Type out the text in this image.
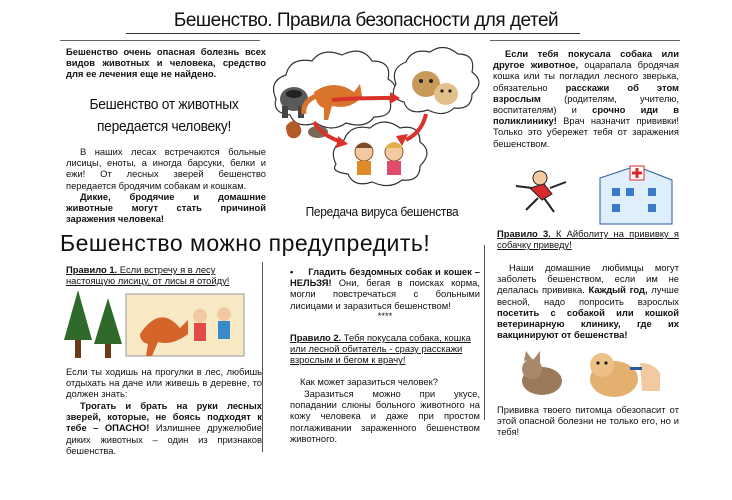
Бешенство. Правила безопасности для детей
Бешенство очень опасная болезнь всех видов животных и человека, средство для ее лечения еще не найдено.
Бешенство от животных
передается человеку!
В наших лесах встречаются больные лисицы, еноты, а иногда барсуки, белки и ежи! От лесных зверей бешенство передается бродячим собакам и кошкам.
Дикие, бродячие и домашние животные могут стать причиной заражения человека!	Передача вируса бешенства
Если тебя покусала собака или другое животное, оцарапала бродячая кошка или ты погладил лесного зверька, обязательно расскажи об этом взрослым (родителям, учителю, воспитателям) и срочно иди в поликлинику! Врач назначит прививки! Только это убережет тебя от заражения бешенством.
Бешенство можно предупредить!
Правило 1. Если встречу я в лесу настоящую лисицу, от лисы я отойду!
Если ты ходишь на прогулки в лес, любишь отдыхать на даче или живешь в деревне, то должен знать:
Трогать и брать на руки лесных зверей, которые, не боясь подходят к тебе – ОПАСНО! Излишнее дружелюбие диких животных – один из признаков бешенства.
•     Гладить бездомных собак и кошек – НЕЛЬЗЯ! Они, бегая в поисках корма, могли повстречаться с больными лисицами и заразиться бешенством!
****
Правило 2. Тебя покусала собака, кошка или лесной обитатель - сразу расскажи взрослым и бегом к врачу!
Как может заразиться человек?
Заразиться можно при укусе, попадании слюны больного животного на кожу человека и даже при простом поглаживании зараженного бешенством животного.
Правило 3. К Айболиту на прививку я собачку приведу!
Наши домашние любимцы могут заболеть бешенством, если им не делалась прививка. Каждый год, лучше весной, надо попросить взрослых посетить с собакой или кошкой ветеринарную клинику, где их вакцинируют от бешенства!
Прививка твоего питомца обезопасит от этой опасной болезни не только его, но и тебя!
